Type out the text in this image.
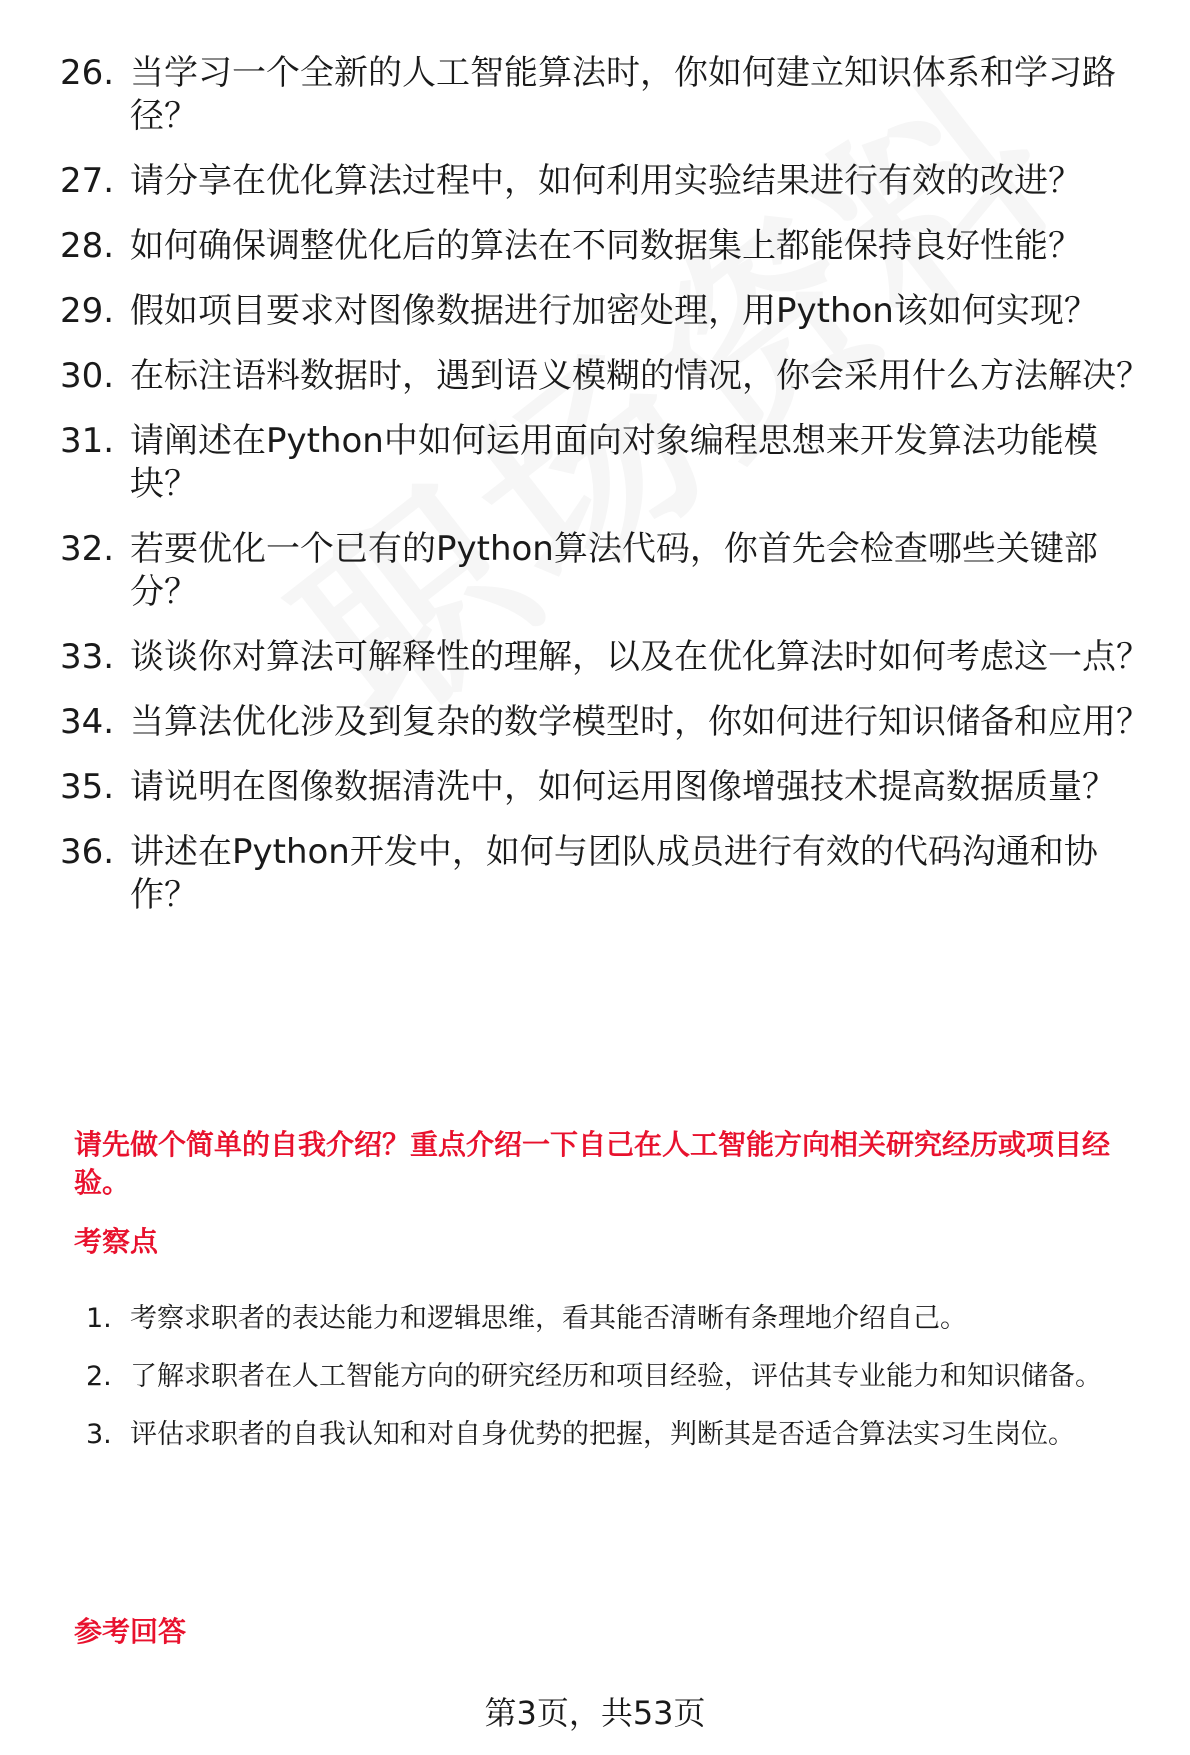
26. 当学习一个全新的人工智能算法时，你如何建立知识体系和学习路径？
27. 请分享在优化算法过程中，如何利用实验结果进行有效的改进？
28. 如何确保调整优化后的算法在不同数据集上都能保持良好性能？
29. 假如项目要求对图像数据进行加密处理，用Python该如何实现？
30. 在标注语料数据时，遇到语义模糊的情况，你会采用什么方法解决？
31. 请阐述在Python中如何运用面向对象编程思想来开发算法功能模块？
32. 若要优化一个已有的Python算法代码，你首先会检查哪些关键部分？
33. 谈谈你对算法可解释性的理解，以及在优化算法时如何考虑这一点？
34. 当算法优化涉及到复杂的数学模型时，你如何进行知识储备和应用？
35. 请说明在图像数据清洗中，如何运用图像增强技术提高数据质量？
36. 讲述在Python开发中，如何与团队成员进行有效的代码沟通和协作？
请先做个简单的自我介绍？重点介绍一下自己在人工智能方向相关研究经历或项目经验。
考察点
1. 考察求职者的表达能力和逻辑思维，看其能否清晰有条理地介绍自己。
2. 了解求职者在人工智能方向的研究经历和项目经验，评估其专业能力和知识储备。
3. 评估求职者的自我认知和对自身优势的把握，判断其是否适合算法实习生岗位。
参考回答
第3页，共53页
